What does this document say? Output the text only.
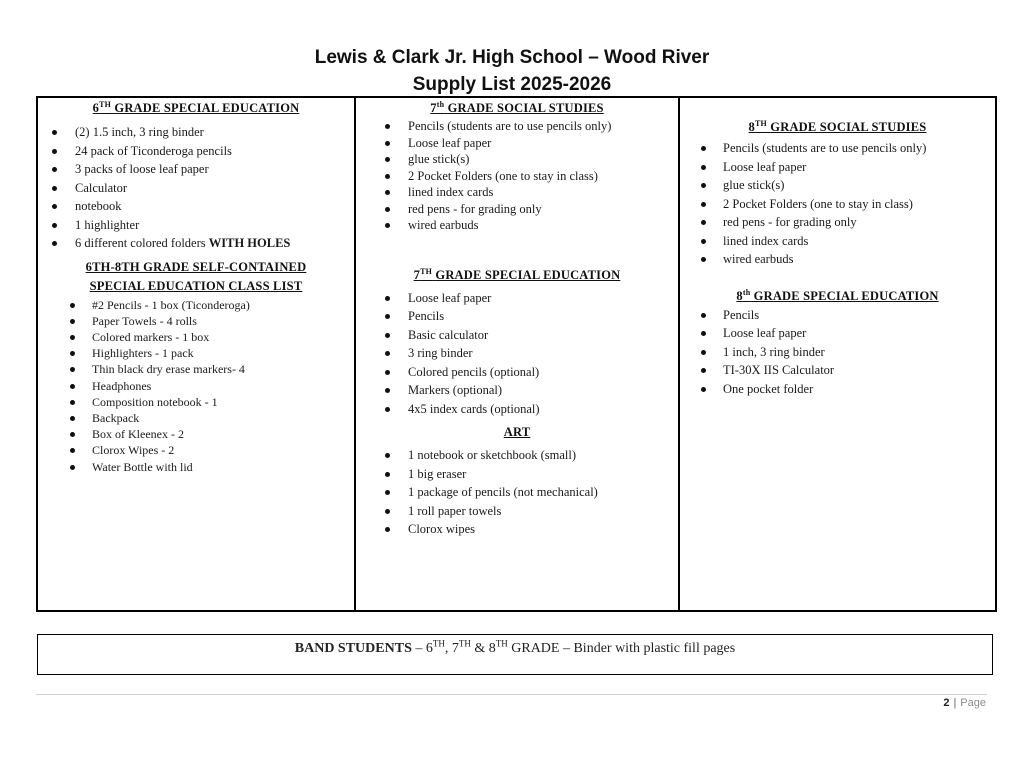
Lewis & Clark Jr. High School – Wood River
Supply List 2025-2026
6TH GRADE SPECIAL EDUCATION
(2) 1.5 inch, 3 ring binder
24 pack of Ticonderoga pencils
3 packs of loose leaf paper
Calculator
notebook
1 highlighter
6 different colored folders WITH HOLES
6TH-8TH GRADE SELF-CONTAINED
SPECIAL EDUCATION CLASS LIST
#2 Pencils - 1 box (Ticonderoga)
Paper Towels - 4 rolls
Colored markers - 1 box
Highlighters - 1 pack
Thin black dry erase markers- 4
Headphones
Composition notebook - 1
Backpack
Box of Kleenex - 2
Clorox Wipes - 2
Water Bottle with lid
7th GRADE SOCIAL STUDIES
Pencils (students are to use pencils only)
Loose leaf paper
glue stick(s)
2 Pocket Folders (one to stay in class)
lined index cards
red pens - for grading only
wired earbuds
7TH GRADE SPECIAL EDUCATION
Loose leaf paper
Pencils
Basic calculator
3 ring binder
Colored pencils (optional)
Markers (optional)
4x5 index cards (optional)
ART
1 notebook or sketchbook (small)
1 big eraser
1 package of pencils (not mechanical)
1 roll paper towels
Clorox wipes
8TH GRADE SOCIAL STUDIES
Pencils (students are to use pencils only)
Loose leaf paper
glue stick(s)
2 Pocket Folders (one to stay in class)
red pens - for grading only
lined index cards
wired earbuds
8th GRADE SPECIAL EDUCATION
Pencils
Loose leaf paper
1 inch, 3 ring binder
TI-30X IIS Calculator
One pocket folder
BAND STUDENTS – 6TH, 7TH & 8TH GRADE – Binder with plastic fill pages
2 | Page
